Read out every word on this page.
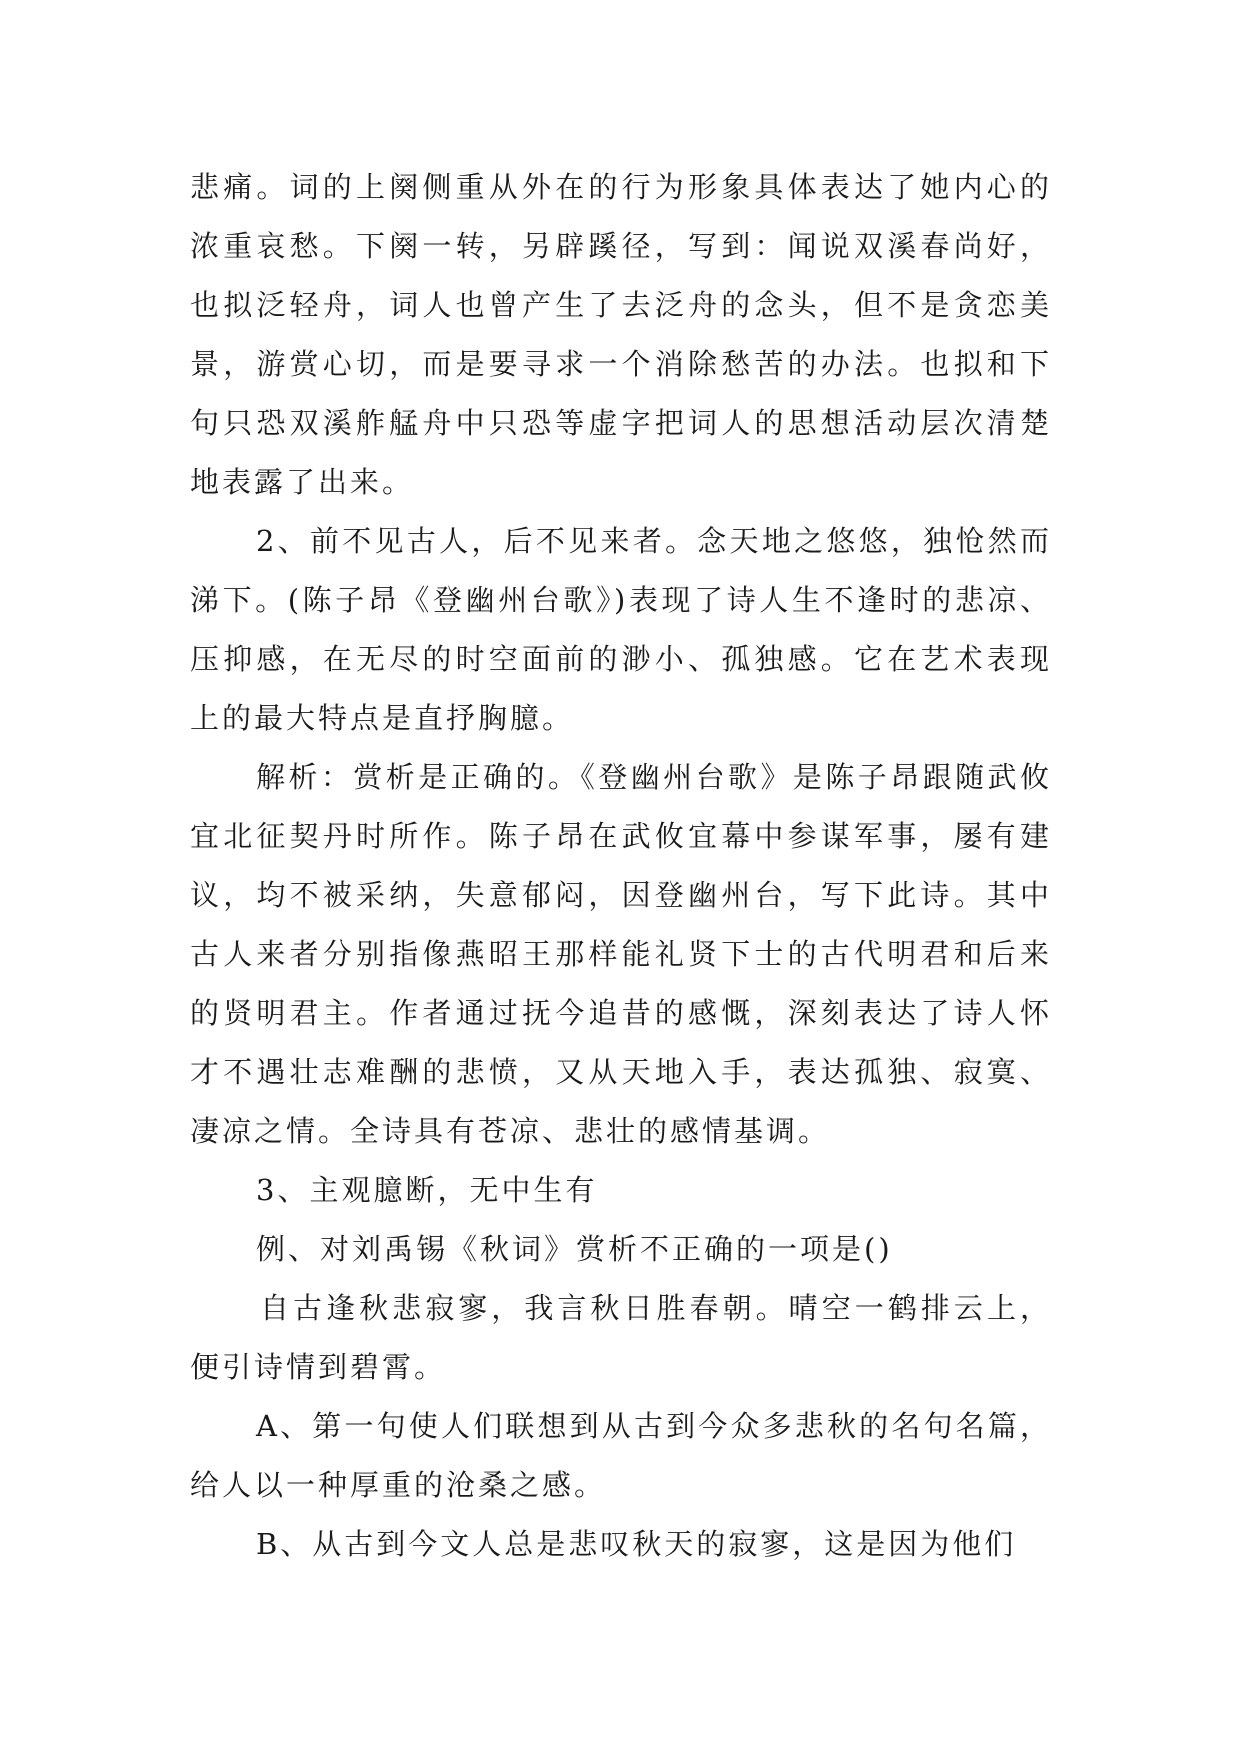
悲痛。词的上阕侧重从外在的行为形象具体表达了她内心的浓重哀愁。下阕一转，另辟蹊径，写到：闻说双溪春尚好，也拟泛轻舟，词人也曾产生了去泛舟的念头，但不是贪恋美景，游赏心切，而是要寻求一个消除愁苦的办法。也拟和下句只恐双溪舴艋舟中只恐等虚字把词人的思想活动层次清楚地表露了出来。

2、前不见古人，后不见来者。念天地之悠悠，独怆然而涕下。(陈子昂《登幽州台歌》)表现了诗人生不逢时的悲凉、压抑感，在无尽的时空面前的渺小、孤独感。它在艺术表现上的最大特点是直抒胸臆。

解析：赏析是正确的。《登幽州台歌》是陈子昂跟随武攸宜北征契丹时所作。陈子昂在武攸宜幕中参谋军事，屡有建议，均不被采纳，失意郁闷，因登幽州台，写下此诗。其中古人来者分别指像燕昭王那样能礼贤下士的古代明君和后来的贤明君主。作者通过抚今追昔的感慨，深刻表达了诗人怀才不遇壮志难酬的悲愤，又从天地入手，表达孤独、寂寞、凄凉之情。全诗具有苍凉、悲壮的感情基调。

3、主观臆断，无中生有

例、对刘禹锡《秋词》赏析不正确的一项是()

自古逢秋悲寂寥，我言秋日胜春朝。晴空一鹤排云上，便引诗情到碧霄。

A、第一句使人们联想到从古到今众多悲秋的名句名篇，给人以一种厚重的沧桑之感。

B、从古到今文人总是悲叹秋天的寂寥，这是因为他们
